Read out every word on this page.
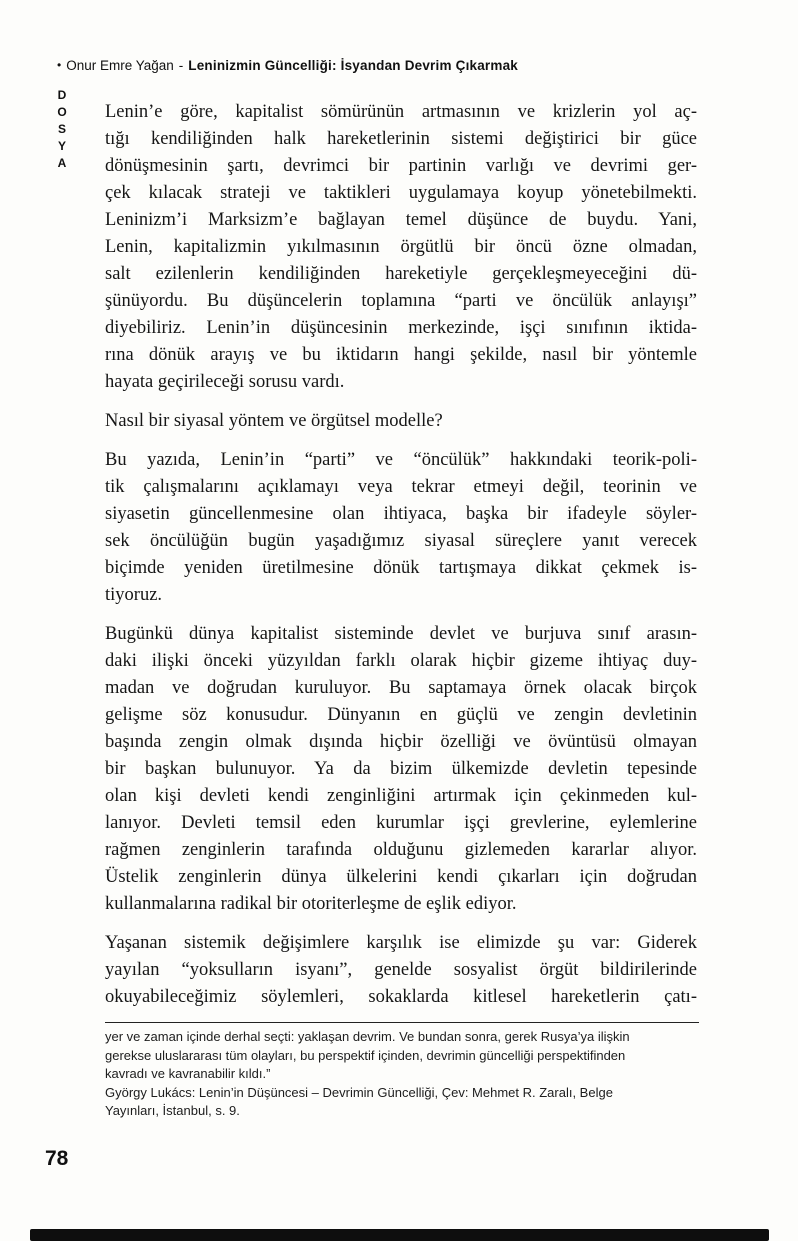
• Onur Emre Yağan - Leninizmin Güncelliği: İsyandan Devrim Çıkarmak
DOSYA Lenin’e göre, kapitalist sömürünün artmasının ve krizlerin yol aç-
tığı kendiliğinden halk hareketlerinin sistemi değiştirici bir güce
dönüşmesinin şartı, devrimci bir partinin varlığı ve devrimi ger-
çek kılacak strateji ve taktikleri uygulamaya koyup yönetebilmekti.
Leninizm’i Marksizm’e bağlayan temel düşünce de buydu. Yani,
Lenin, kapitalizmin yıkılmasının örgütlü bir öncü özne olmadan,
salt ezilenlerin kendiliğinden hareketiyle gerçekleşmeyeceğini dü-
şünüyordu. Bu düşüncelerin toplamına “parti ve öncülük anlayışı”
diyebiliriz. Lenin’in düşüncesinin merkezinde, işçi sınıfının iktida-
rına dönük arayış ve bu iktidarın hangi şekilde, nasıl bir yöntemle
hayata geçirileceği sorusu vardı.
Nasıl bir siyasal yöntem ve örgütsel modelle?
Bu yazıda, Lenin’in “parti” ve “öncülük” hakkındaki teorik-poli-
tik çalışmalarını açıklamayı veya tekrar etmeyi değil, teorinin ve
siyasetin güncellenmesine olan ihtiyaca, başka bir ifadeyle söyler-
sek öncülüğün bugün yaşadığımız siyasal süreçlere yanıt verecek
biçimde yeniden üretilmesine dönük tartışmaya dikkat çekmek is-
tiyoruz.
Bugünkü dünya kapitalist sisteminde devlet ve burjuva sınıf arasın-
daki ilişki önceki yüzyıldan farklı olarak hiçbir gizeme ihtiyaç duy-
madan ve doğrudan kuruluyor. Bu saptamaya örnek olacak birçok
gelişme söz konusudur. Dünyanın en güçlü ve zengin devletinin
başında zengin olmak dışında hiçbir özelliği ve övüntüsü olmayan
bir başkan bulunuyor. Ya da bizim ülkemizde devletin tepesinde
olan kişi devleti kendi zenginliğini artırmak için çekinmeden kul-
lanıyor. Devleti temsil eden kurumlar işçi grevlerine, eylemlerine
rağmen zenginlerin tarafında olduğunu gizlemeden kararlar alıyor.
Üstelik zenginlerin dünya ülkelerini kendi çıkarları için doğrudan
kullanmalarına radikal bir otoriterleşme de eşlik ediyor.
Yaşanan sistemik değişimlere karşılık ise elimizde şu var: Giderek
yayılan “yoksulların isyanı”, genelde sosyalist örgüt bildirilerinde
okuyabileceğimiz söylemleri, sokaklarda kitlesel hareketlerin çatı-
yer ve zaman içinde derhal seçti: yaklaşan devrim. Ve bundan sonra, gerek Rusya’ya ilişkin
gerekse uluslararası tüm olayları, bu perspektif içinden, devrimin güncelliği perspektifinden
kavradı ve kavranabilir kıldı.”
György Lukács: Lenin’in Düşüncesi – Devrimin Güncelliği, Çev: Mehmet R. Zaralı, Belge
Yayınları, İstanbul, s. 9.
78
